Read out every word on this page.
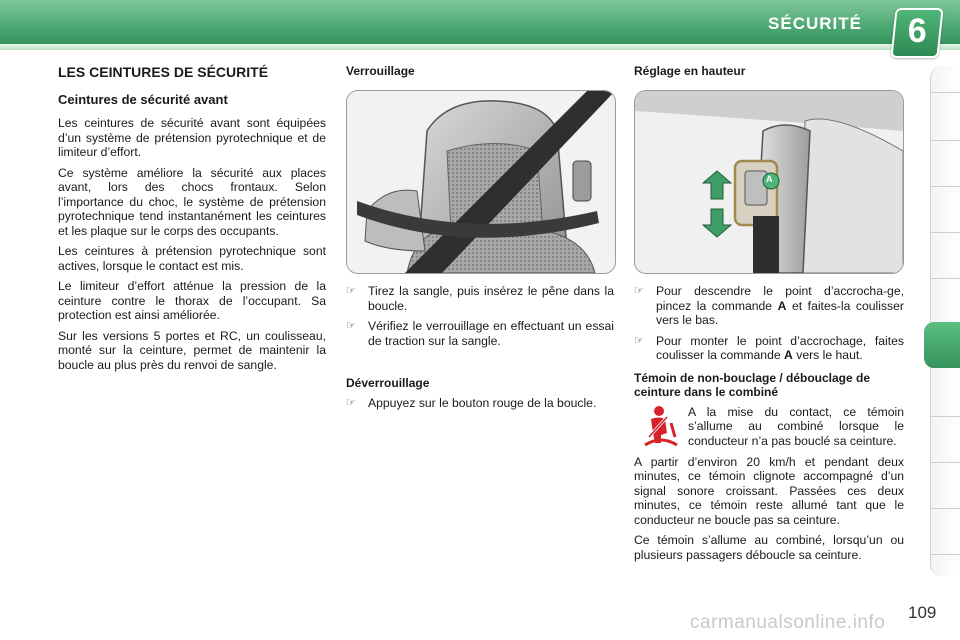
SÉCURITÉ	6

LES CEINTURES DE SÉCURITÉ

Ceintures de sécurité avant

Les ceintures de sécurité avant sont équipées d’un système de prétension pyrotechnique et de limiteur d’effort.

Ce système améliore la sécurité aux places avant, lors des chocs frontaux. Selon l’importance du choc, le système de prétension pyrotechnique tend instantanément les ceintures et les plaque sur le corps des occupants.

Les ceintures à prétension pyrotechnique sont actives, lorsque le contact est mis.

Le limiteur d’effort atténue la pression de la ceinture contre le thorax de l’occupant. Sa protection est ainsi améliorée.

Sur les versions 5 portes et RC, un coulisseau, monté sur la ceinture, permet de maintenir la boucle au plus près du renvoi de sangle.

Verrouillage

☞ Tirez la sangle, puis insérez le pêne dans la boucle.
☞ Vérifiez le verrouillage en effectuant un essai de traction sur la sangle.

Déverrouillage

☞ Appuyez sur le bouton rouge de la boucle.

Réglage en hauteur

A
☞ Pour descendre le point d’accrocha-ge, pincez la commande A et faites-la coulisser vers le bas.
☞ Pour monter le point d’accrochage, faites coulisser la commande A vers le haut.

Témoin de non-bouclage / débouclage de ceinture dans le combiné

A la mise du contact, ce témoin s’allume au combiné lorsque le conducteur n’a pas bouclé sa ceinture.

A partir d’environ 20 km/h et pendant deux minutes, ce témoin clignote accompagné d’un signal sonore croissant. Passées ces deux minutes, ce témoin reste allumé tant que le conducteur ne boucle pas sa ceinture.

Ce témoin s’allume au combiné, lorsqu’un ou plusieurs passagers déboucle sa ceinture.

carmanualsonline.info 109
